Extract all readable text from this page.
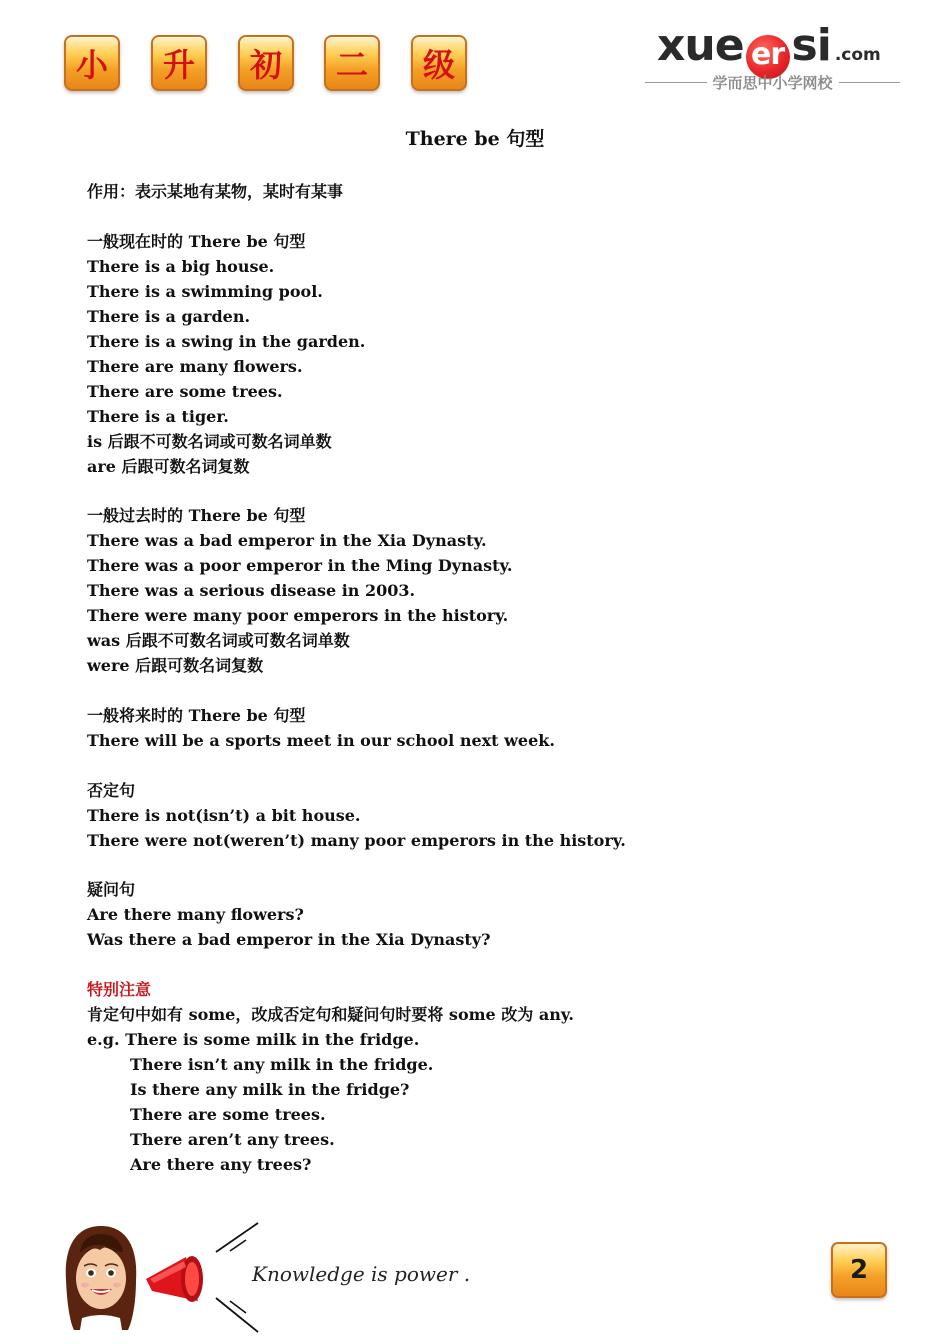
小	升	初	二	级	xue er si .com
学而思中小学网校
There be 句型
作用：表示某地有某物，某时有某事
一般现在时的 There be 句型
There is a big house.
There is a swimming pool.
There is a garden.
There is a swing in the garden.
There are many flowers.
There are some trees.
There is a tiger.
is 后跟不可数名词或可数名词单数
are 后跟可数名词复数
一般过去时的 There be 句型
There was a bad emperor in the Xia Dynasty.
There was a poor emperor in the Ming Dynasty.
There was a serious disease in 2003.
There were many poor emperors in the history.
was 后跟不可数名词或可数名词单数
were 后跟可数名词复数
一般将来时的 There be 句型
There will be a sports meet in our school next week.
否定句
There is not(isn’t) a bit house.
There were not(weren’t) many poor emperors in the history.
疑问句
Are there many flowers?
Was there a bad emperor in the Xia Dynasty?
特别注意
肯定句中如有 some，改成否定句和疑问句时要将 some 改为 any.
e.g. There is some milk in the fridge.
There isn’t any milk in the fridge.
Is there any milk in the fridge?
There are some trees.
There aren’t any trees.
Are there any trees?
Knowledge is power .	2
